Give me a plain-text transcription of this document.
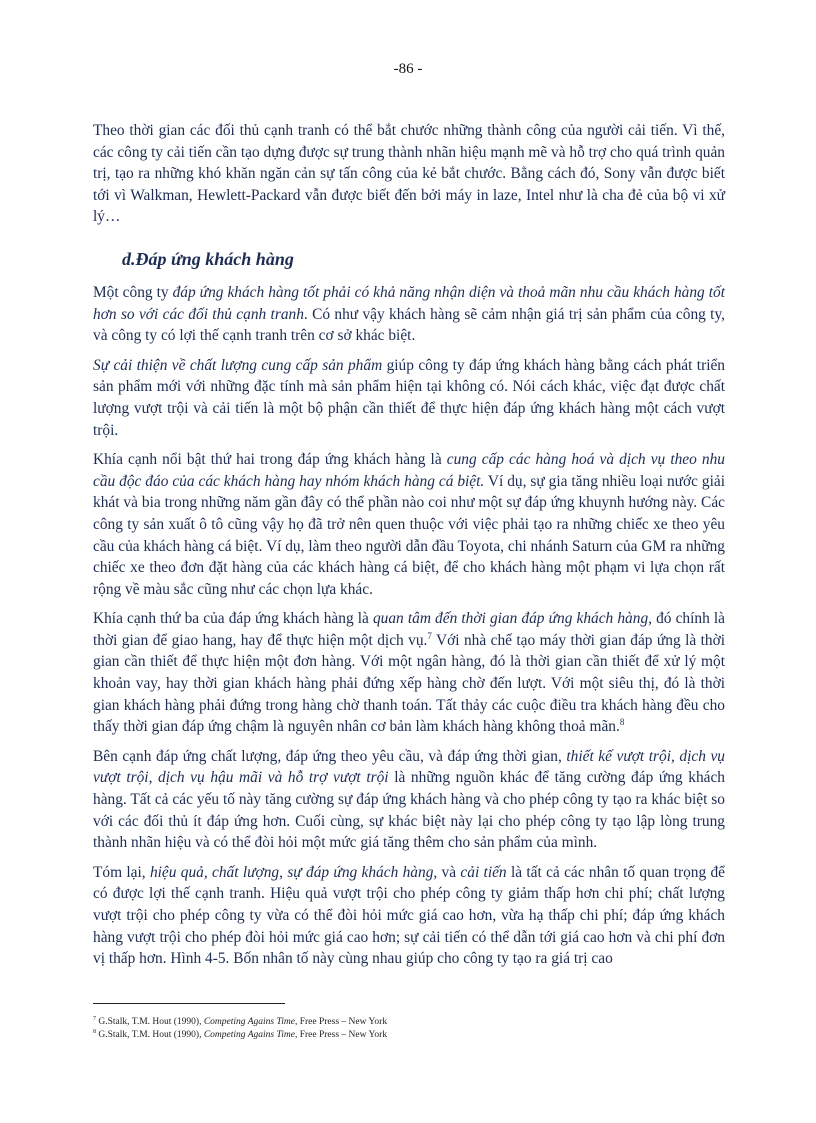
-86 -

Theo thời gian các đối thủ cạnh tranh có thể bắt chước những thành công của người cải tiến. Vì thế, các công ty cải tiến cần tạo dựng được sự trung thành nhãn hiệu mạnh mẽ và hỗ trợ cho quá trình quản trị, tạo ra những khó khăn ngăn cản sự tấn công của kẻ bắt chước. Bằng cách đó, Sony vẫn được biết tới vì Walkman, Hewlett-Packard vẫn được biết đến bởi máy in laze, Intel như là cha đẻ của bộ vi xử lý…

d.Đáp ứng khách hàng

Một công ty đáp ứng khách hàng tốt phải có khả năng nhận diện và thoả mãn nhu cầu khách hàng tốt hơn so với các đối thủ cạnh tranh. Có như vậy khách hàng sẽ cảm nhận giá trị sản phẩm của công ty, và công ty có lợi thế cạnh tranh trên cơ sở khác biệt.

Sự cải thiện về chất lượng cung cấp sản phẩm giúp công ty đáp ứng khách hàng bằng cách phát triển sản phẩm mới với những đặc tính mà sản phẩm hiện tại không có. Nói cách khác, việc đạt được chất lượng vượt trội và cải tiến là một bộ phận cần thiết để thực hiện đáp ứng khách hàng một cách vượt trội.

Khía cạnh nổi bật thứ hai trong đáp ứng khách hàng là cung cấp các hàng hoá và dịch vụ theo nhu cầu độc đáo của các khách hàng hay nhóm khách hàng cá biệt. Ví dụ, sự gia tăng nhiều loại nước giải khát và bia trong những năm gần đây có thể phần nào coi như một sự đáp ứng khuynh hướng này. Các công ty sản xuất ô tô cũng vậy họ đã trở nên quen thuộc với việc phải tạo ra những chiếc xe theo yêu cầu của khách hàng cá biệt. Ví dụ, làm theo người dẫn đầu Toyota, chi nhánh Saturn của GM ra những chiếc xe theo đơn đặt hàng của các khách hàng cá biệt, để cho khách hàng một phạm vi lựa chọn rất rộng về màu sắc cũng như các chọn lựa khác.

Khía cạnh thứ ba của đáp ứng khách hàng là quan tâm đến thời gian đáp ứng khách hàng, đó chính là thời gian để giao hang, hay để thực hiện một dịch vụ.$^7$ Với nhà chế tạo máy thời gian đáp ứng là thời gian cần thiết để thực hiện một đơn hàng. Với một ngân hàng, đó là thời gian cần thiết để xử lý một khoản vay, hay thời gian khách hàng phải đứng xếp hàng chờ đến lượt. Với một siêu thị, đó là thời gian khách hàng phải đứng trong hàng chờ thanh toán. Tất thảy các cuộc điều tra khách hàng đều cho thấy thời gian đáp ứng chậm là nguyên nhân cơ bản làm khách hàng không thoả mãn.$^8$

Bên cạnh đáp ứng chất lượng, đáp ứng theo yêu cầu, và đáp ứng thời gian, thiết kế vượt trội, dịch vụ vượt trội, dịch vụ hậu mãi và hỗ trợ vượt trội là những nguồn khác để tăng cường đáp ứng khách hàng. Tất cả các yếu tố này tăng cường sự đáp ứng khách hàng và cho phép công ty tạo ra khác biệt so với các đối thủ ít đáp ứng hơn. Cuối cùng, sự khác biệt này lại cho phép công ty tạo lập lòng trung thành nhãn hiệu và có thể đòi hỏi một mức giá tăng thêm cho sản phẩm của mình.

Tóm lại, hiệu quả, chất lượng, sự đáp ứng khách hàng, và cải tiến là tất cả các nhân tố quan trọng để có được lợi thế cạnh tranh. Hiệu quả vượt trội cho phép công ty giảm thấp hơn chi phí; chất lượng vượt trội cho phép công ty vừa có thể đòi hỏi mức giá cao hơn, vừa hạ thấp chi phí; đáp ứng khách hàng vượt trội cho phép đòi hỏi mức giá cao hơn; sự cải tiến có thể dẫn tới giá cao hơn và chi phí đơn vị thấp hơn. Hình 4-5. Bốn nhân tố này cùng nhau giúp cho công ty tạo ra giá trị cao

$^7$ G.Stalk, T.M. Hout (1990), Competing Agains Time, Free Press – New York
$^8$ G.Stalk, T.M. Hout (1990), Competing Agains Time, Free Press – New York
